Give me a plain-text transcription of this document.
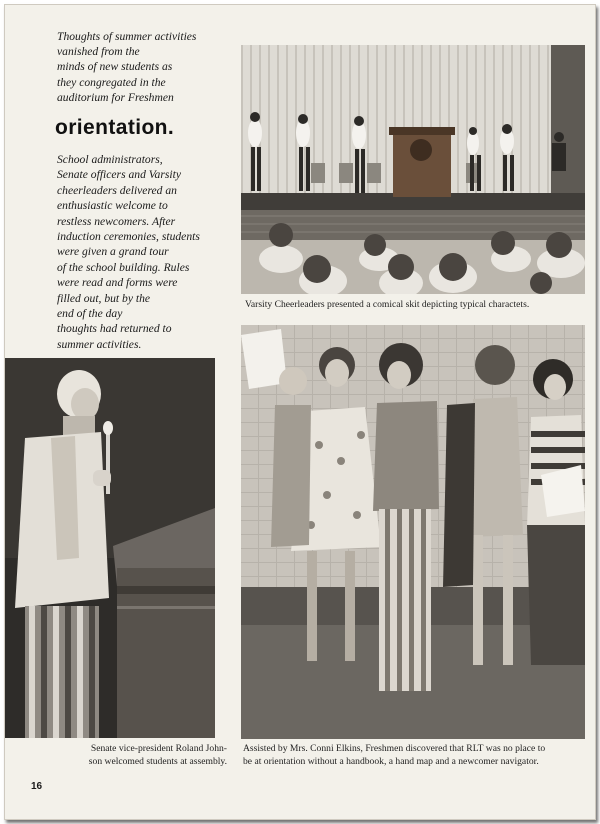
Thoughts of summer activities

vanished from the

minds of new students as

they congregated in the

auditorium for Freshmen

orientation.

School administrators,

Senate officers and Varsity

cheerleaders delivered an

enthusiastic welcome to

restless newcomers. After

induction ceremonies, students

were given a grand tour

of the school building. Rules

were read and forms were

filled out, but by the

end of the day

thoughts had returned to

summer activities.

Varsity Cheerleaders presented a comical skit depicting typical charactets.
Senate vice-president Roland John-
son welcomed students at assembly.
Assisted by Mrs. Conni Elkins, Freshmen discovered that RLT was no place to
be at orientation without a handbook, a hand map and a newcomer navigator.
16
